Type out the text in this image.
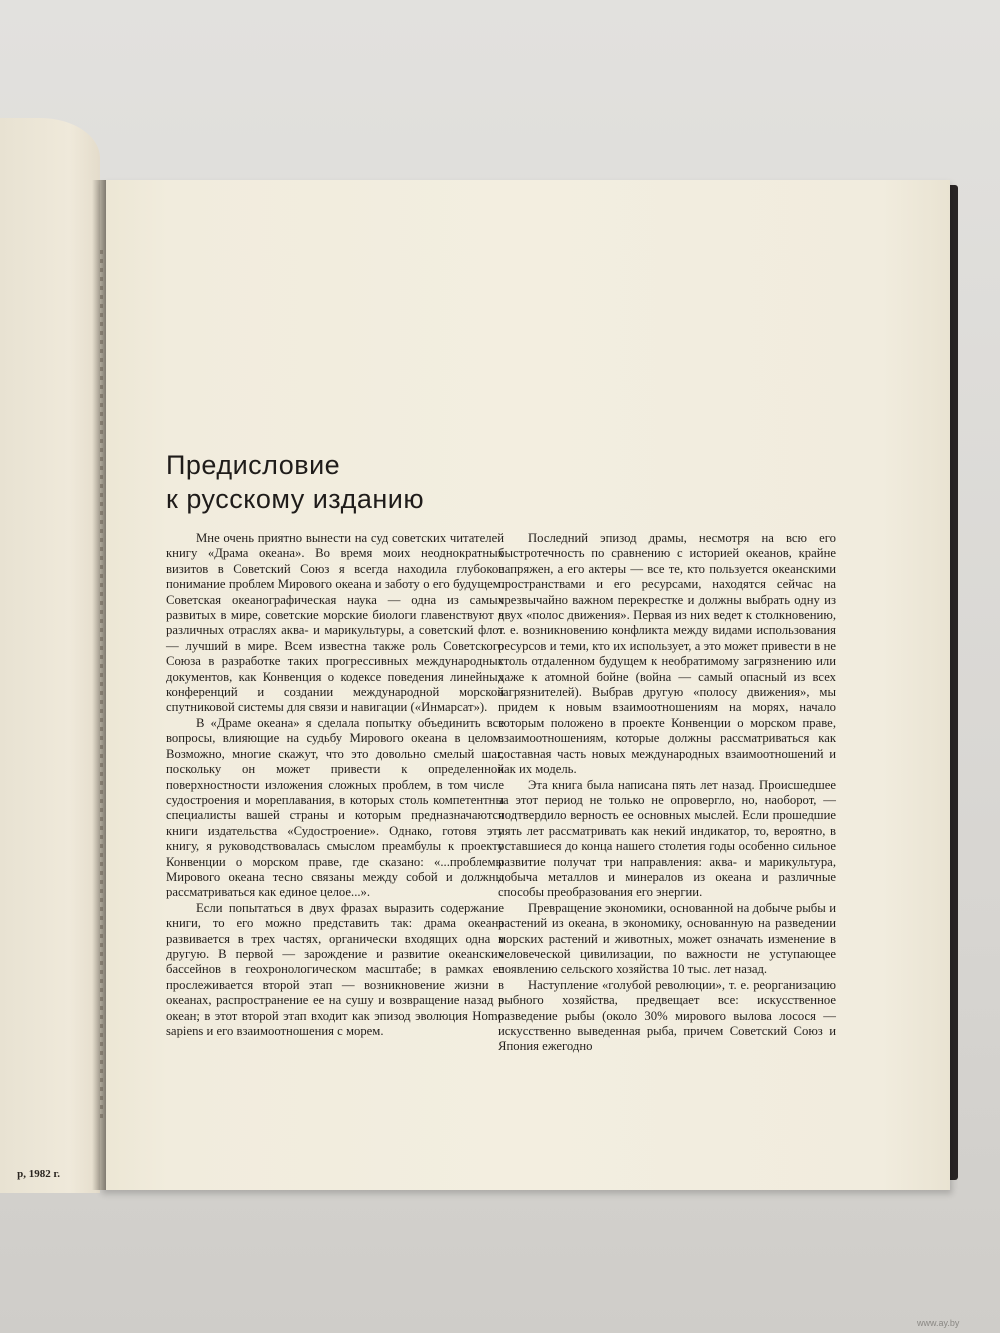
р, 1982 г.
Предисловие
к русскому изданию

Мне очень приятно вынести на суд советских читателей книгу «Драма океана». Во время моих неоднократных визитов в Советский Союз я всегда находила глубокое понимание проблем Мирового океана и заботу о его будущем. Советская океанографическая наука — одна из самых развитых в мире, советские морские биологи главенствуют в различных отраслях аква- и марикультуры, а советский флот — лучший в мире. Всем известна также роль Советского Союза в разработке таких прогрессивных международных документов, как Конвенция о кодексе поведения линейных конференций и создании международной морской спутниковой системы для связи и навигации («Инмарсат»).

В «Драме океана» я сделала попытку объединить все вопросы, влияющие на судьбу Мирового океана в целом. Возможно, многие скажут, что это довольно смелый шаг, поскольку он может привести к определенной поверхностности изложения сложных проблем, в том числе судостроения и мореплавания, в которых столь компетентны специалисты вашей страны и которым предназначаются книги издательства «Судостроение». Однако, готовя эту книгу, я руководствовалась смыслом преамбулы к проекту Конвенции о морском праве, где сказано: «...проблемы Мирового океана тесно связаны между собой и должны рассматриваться как единое целое...».

Если попытаться в двух фразах выразить содержание книги, то его можно представить так: драма океана развивается в трех частях, органически входящих одна в другую. В первой — зарождение и развитие океанских бассейнов в геохронологическом масштабе; в рамках ее прослеживается второй этап — возникновение жизни в океанах, распространение ее на сушу и возвращение назад в океан; в этот второй этап входит как эпизод эволюция Homo sapiens и его взаимоотношения с морем.

Последний эпизод драмы, несмотря на всю его быстротечность по сравнению с историей океанов, крайне напряжен, а его актеры — все те, кто пользуется океанскими пространствами и его ресурсами, находятся сейчас на чрезвычайно важном перекрестке и должны выбрать одну из двух «полос движения». Первая из них ведет к столкновению, т. е. возникновению конфликта между видами использования ресурсов и теми, кто их использует, а это может привести в не столь отдаленном будущем к необратимому загрязнению или даже к атомной бойне (война — самый опасный из всех загрязнителей). Выбрав другую «полосу движения», мы придем к новым взаимоотношениям на морях, начало которым положено в проекте Конвенции о морском праве, взаимоотношениям, которые должны рассматриваться как составная часть новых международных взаимоотношений и как их модель.

Эта книга была написана пять лет назад. Происшедшее за этот период не только не опровергло, но, наоборот, — подтвердило верность ее основных мыслей. Если прошедшие пять лет рассматривать как некий индикатор, то, вероятно, в оставшиеся до конца нашего столетия годы особенно сильное развитие получат три направления: аква- и марикультура, добыча металлов и минералов из океана и различные способы преобразования его энергии.

Превращение экономики, основанной на добыче рыбы и растений из океана, в экономику, основанную на разведении морских растений и животных, может означать изменение в человеческой цивилизации, по важности не уступающее появлению сельского хозяйства 10 тыс. лет назад.

Наступление «голубой революции», т. е. реорганизацию рыбного хозяйства, предвещает все: искусственное разведение рыбы (около 30% мирового вылова лосося — искусственно выведенная рыба, причем Советский Союз и Япония ежегодно

www.ay.by
